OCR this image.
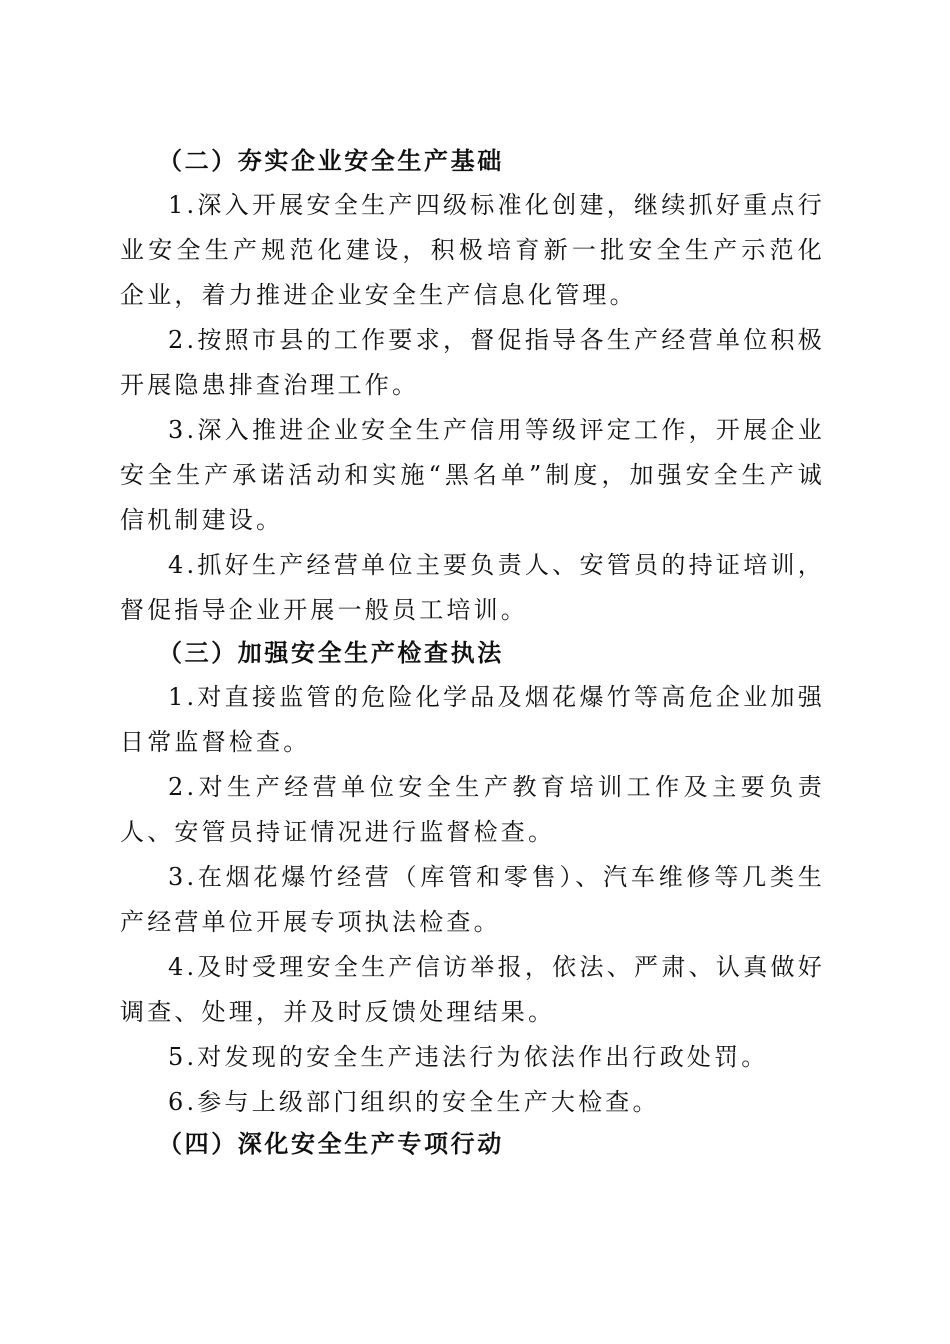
（二）夯实企业安全生产基础

1.深入开展安全生产四级标准化创建，继续抓好重点行业安全生产规范化建设，积极培育新一批安全生产示范化企业，着力推进企业安全生产信息化管理。

2.按照市县的工作要求，督促指导各生产经营单位积极开展隐患排查治理工作。

3.深入推进企业安全生产信用等级评定工作，开展企业安全生产承诺活动和实施“黑名单”制度，加强安全生产诚信机制建设。

4.抓好生产经营单位主要负责人、安管员的持证培训，督促指导企业开展一般员工培训。

（三）加强安全生产检查执法

1.对直接监管的危险化学品及烟花爆竹等高危企业加强日常监督检查。

2.对生产经营单位安全生产教育培训工作及主要负责人、安管员持证情况进行监督检查。

3.在烟花爆竹经营（库管和零售）、汽车维修等几类生产经营单位开展专项执法检查。

4.及时受理安全生产信访举报，依法、严肃、认真做好调查、处理，并及时反馈处理结果。

5.对发现的安全生产违法行为依法作出行政处罚。

6.参与上级部门组织的安全生产大检查。

（四）深化安全生产专项行动
